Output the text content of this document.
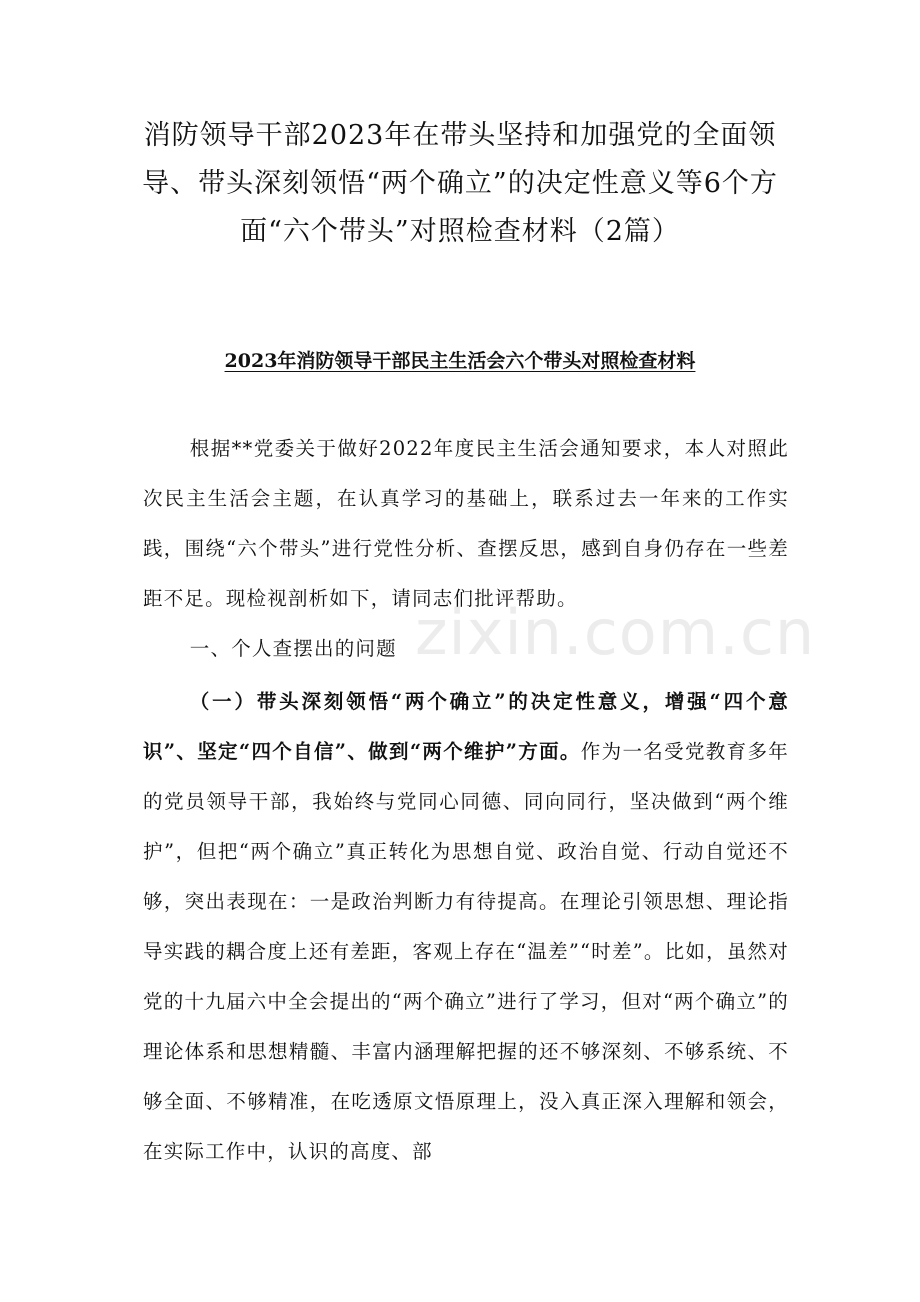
消防领导干部2023年在带头坚持和加强党的全面领导、带头深刻领悟“两个确立”的决定性意义等6个方面“六个带头”对照检查材料（2篇）
2023年消防领导干部民主生活会六个带头对照检查材料

根据**党委关于做好2022年度民主生活会通知要求，本人对照此次民主生活会主题，在认真学习的基础上，联系过去一年来的工作实践，围绕“六个带头”进行党性分析、查摆反思，感到自身仍存在一些差距不足。现检视剖析如下，请同志们批评帮助。

一、个人查摆出的问题

（一）带头深刻领悟“两个确立”的决定性意义，增强“四个意识”、坚定“四个自信”、做到“两个维护”方面。作为一名受党教育多年的党员领导干部，我始终与党同心同德、同向同行，坚决做到“两个维护”，但把“两个确立”真正转化为思想自觉、政治自觉、行动自觉还不够，突出表现在：一是政治判断力有待提高。在理论引领思想、理论指导实践的耦合度上还有差距，客观上存在“温差”“时差”。比如，虽然对党的十九届六中全会提出的“两个确立”进行了学习，但对“两个确立”的理论体系和思想精髓、丰富内涵理解把握的还不够深刻、不够系统、不够全面、不够精准，在吃透原文悟原理上，没入真正深入理解和领会，在实际工作中，认识的高度、部

zixin.com.cn
